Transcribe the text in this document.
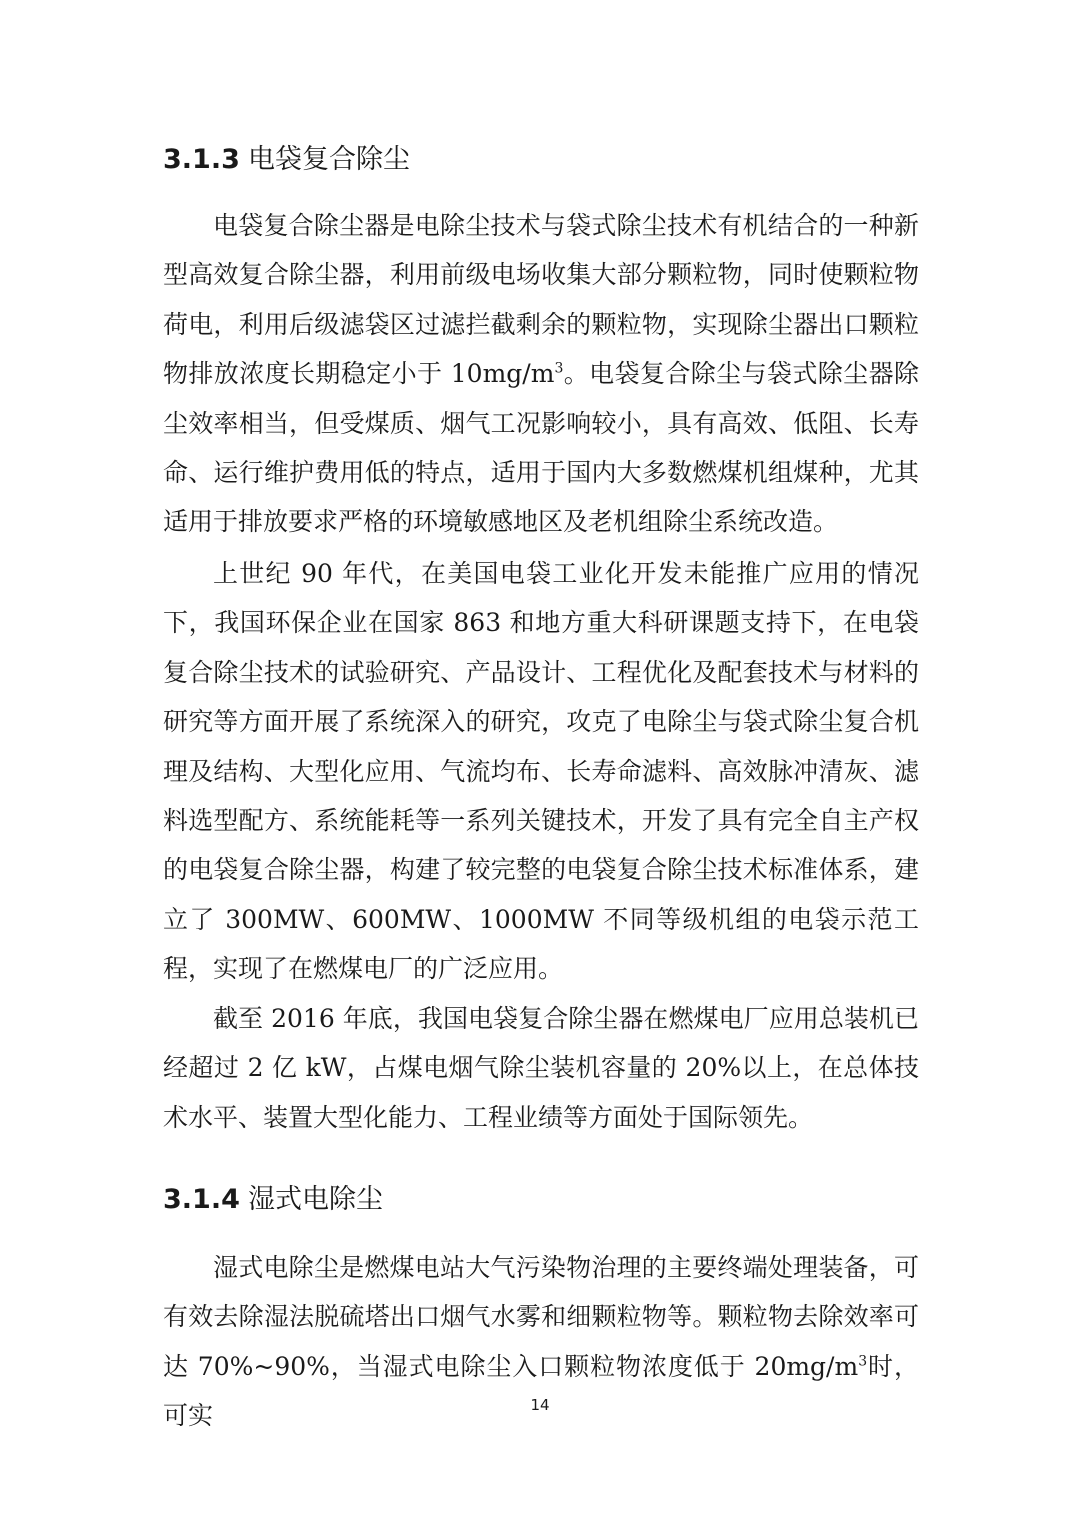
3.1.3 电袋复合除尘

电袋复合除尘器是电除尘技术与袋式除尘技术有机结合的一种新型高效复合除尘器，利用前级电场收集大部分颗粒物，同时使颗粒物荷电，利用后级滤袋区过滤拦截剩余的颗粒物，实现除尘器出口颗粒物排放浓度长期稳定小于 $10mg/m^3$。电袋复合除尘与袋式除尘器除尘效率相当，但受煤质、烟气工况影响较小，具有高效、低阻、长寿命、运行维护费用低的特点，适用于国内大多数燃煤机组煤种，尤其适用于排放要求严格的环境敏感地区及老机组除尘系统改造。

上世纪 90 年代，在美国电袋工业化开发未能推广应用的情况下，我国环保企业在国家 863 和地方重大科研课题支持下，在电袋复合除尘技术的试验研究、产品设计、工程优化及配套技术与材料的研究等方面开展了系统深入的研究，攻克了电除尘与袋式除尘复合机理及结构、大型化应用、气流均布、长寿命滤料、高效脉冲清灰、滤料选型配方、系统能耗等一系列关键技术，开发了具有完全自主产权的电袋复合除尘器，构建了较完整的电袋复合除尘技术标准体系，建立了 300MW、600MW、1000MW 不同等级机组的电袋示范工程，实现了在燃煤电厂的广泛应用。

截至 2016 年底，我国电袋复合除尘器在燃煤电厂应用总装机已经超过 2 亿 kW，占煤电烟气除尘装机容量的 20%以上，在总体技术水平、装置大型化能力、工程业绩等方面处于国际领先。

3.1.4 湿式电除尘

湿式电除尘是燃煤电站大气污染物治理的主要终端处理装备，可有效去除湿法脱硫塔出口烟气水雾和细颗粒物等。颗粒物去除效率可达 70%~90%，当湿式电除尘入口颗粒物浓度低于 $20mg/m^3$时，可实	14
